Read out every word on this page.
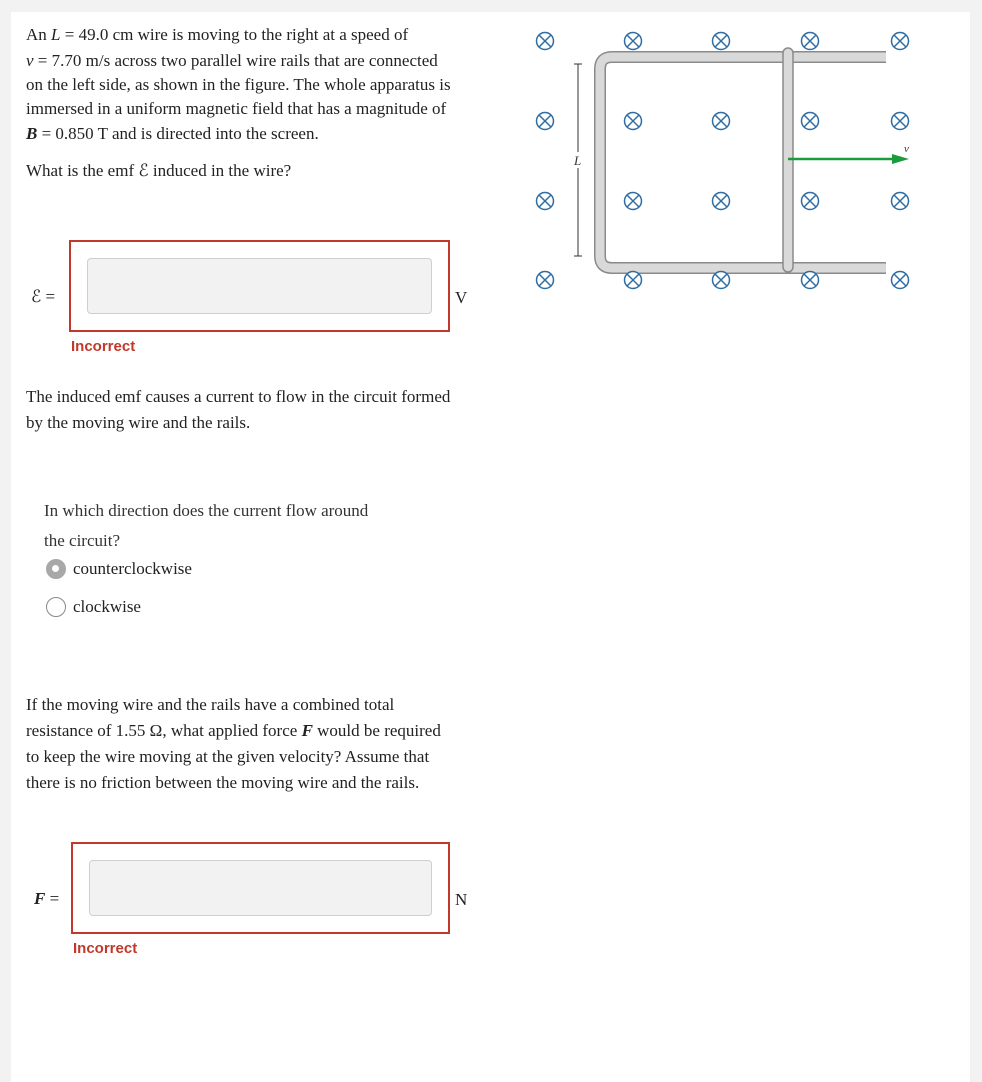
An L = 49.0 cm wire is moving to the right at a speed of

v = 7.70 m/s across two parallel wire rails that are connected

on the left side, as shown in the figure. The whole apparatus is

immersed in a uniform magnetic field that has a magnitude of

B = 0.850 T and is directed into the screen.

What is the emf ℰ induced in the wire?

ℰ =	V
Incorrect

The induced emf causes a current to flow in the circuit formed

by the moving wire and the rails.

In which direction does the current flow around

the circuit?

counterclockwise
clockwise

If the moving wire and the rails have a combined total

resistance of 1.55 Ω, what applied force F would be required

to keep the wire moving at the given velocity? Assume that

there is no friction between the moving wire and the rails.

F =	N
Incorrect
v
L
